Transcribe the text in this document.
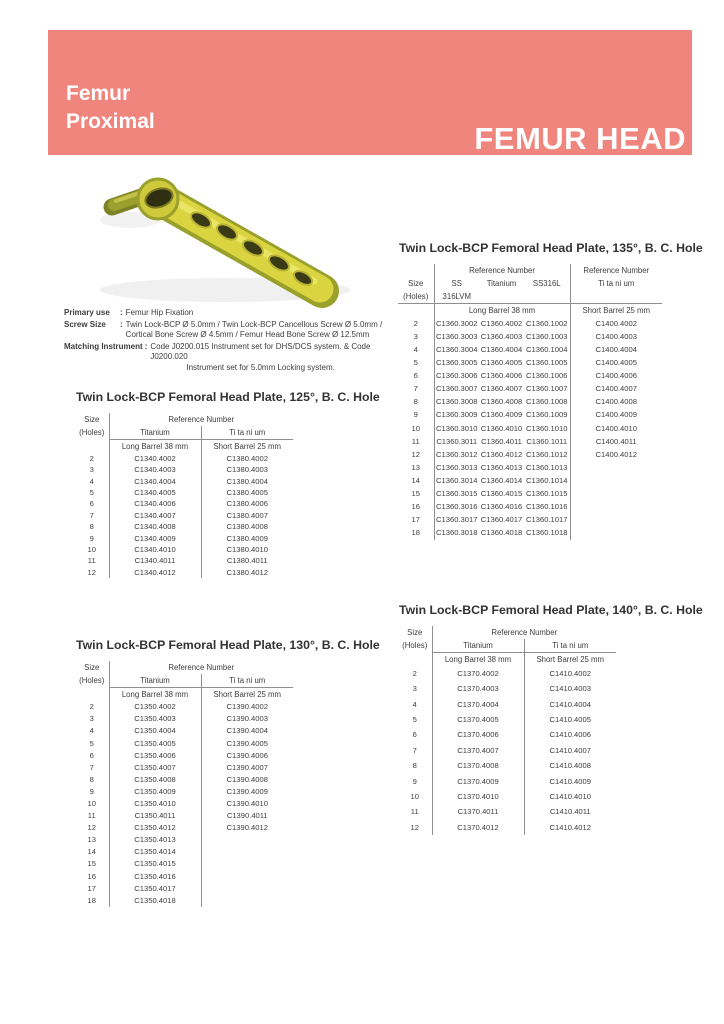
Femur
Proximal	FEMUR HEAD
Primary use	: Femur Hip Fixation
Screw Size	: Twin Lock-BCP Ø 5.0mm / Twin Lock-BCP Cancellous Screw Ø 5.0mm /
Cortical Bone Screw Ø 4.5mm / Femur Head Bone Screw Ø 12.5mm
Matching Instrument : Code J0200.015 Instrument set for DHS/DCS system. & Code J0200.020
Instrument set for 5.0mm Locking system.
Twin Lock-BCP Femoral Head Plate, 125°, B. C. Hole
Size	Reference Number	
(Holes)	Titanium	Ti ta ni um
	Long Barrel 38 mm	Short Barrel 25 mm
2	C1340.4002	C1380.4002
3	C1340.4003	C1380.4003
4	C1340.4004	C1380.4004
5	C1340.4005	C1380.4005
6	C1340.4006	C1380.4006
7	C1340.4007	C1380.4007
8	C1340.4008	C1380.4008
9	C1340.4009	C1380.4009
10	C1340.4010	C1380.4010
11	C1340.4011	C1380.4011
12	C1340.4012	C1380.4012
Twin Lock-BCP Femoral Head Plate, 130°, B. C. Hole
Size	Reference Number	
(Holes)	Titanium	Ti ta ni um
	Long Barrel 38 mm	Short Barrel 25 mm
2	C1350.4002	C1390.4002
3	C1350.4003	C1390.4003
4	C1350.4004	C1390.4004
5	C1350.4005	C1390.4005
6	C1350.4006	C1390.4006
7	C1350.4007	C1390.4007
8	C1350.4008	C1390.4008
9	C1350.4009	C1390.4009
10	C1350.4010	C1390.4010
11	C1350.4011	C1390.4011
12	C1350.4012	C1390.4012
13	C1350.4013	
14	C1350.4014	
15	C1350.4015	
16	C1350.4016	
17	C1350.4017	
18	C1350.4018	
Twin Lock-BCP Femoral Head Plate, 135°, B. C. Hole
	Reference Number			Reference Number
Size	SS	Titanium	SS316L	Ti ta ni um
(Holes)	316LVM			
	Long Barrel 38 mm			Short Barrel 25 mm
2	C1360.3002	C1360.4002	C1360.1002	C1400.4002
3	C1360.3003	C1360.4003	C1360.1003	C1400.4003
4	C1360.3004	C1360.4004	C1360.1004	C1400.4004
5	C1360.3005	C1360.4005	C1360.1005	C1400.4005
6	C1360.3006	C1360.4006	C1360.1006	C1400.4006
7	C1360.3007	C1360.4007	C1360.1007	C1400.4007
8	C1360.3008	C1360.4008	C1360.1008	C1400.4008
9	C1360.3009	C1360.4009	C1360.1009	C1400.4009
10	C1360.3010	C1360.4010	C1360.1010	C1400.4010
11	C1360.3011	C1360.4011	C1360.1011	C1400.4011
12	C1360.3012	C1360.4012	C1360.1012	C1400.4012
13	C1360.3013	C1360.4013	C1360.1013	
14	C1360.3014	C1360.4014	C1360.1014	
15	C1360.3015	C1360.4015	C1360.1015	
16	C1360.3016	C1360.4016	C1360.1016	
17	C1360.3017	C1360.4017	C1360.1017	
18	C1360.3018	C1360.4018	C1360.1018	
Twin Lock-BCP Femoral Head Plate, 140°, B. C. Hole
Size	Reference Number	
(Holes)	Titanium	Ti ta ni um
	Long Barrel 38 mm	Short Barrel 25 mm
2	C1370.4002	C1410.4002
3	C1370.4003	C1410.4003
4	C1370.4004	C1410.4004
5	C1370.4005	C1410.4005
6	C1370.4006	C1410.4006
7	C1370.4007	C1410.4007
8	C1370.4008	C1410.4008
9	C1370.4009	C1410.4009
10	C1370.4010	C1410.4010
11	C1370.4011	C1410.4011
12	C1370.4012	C1410.4012
